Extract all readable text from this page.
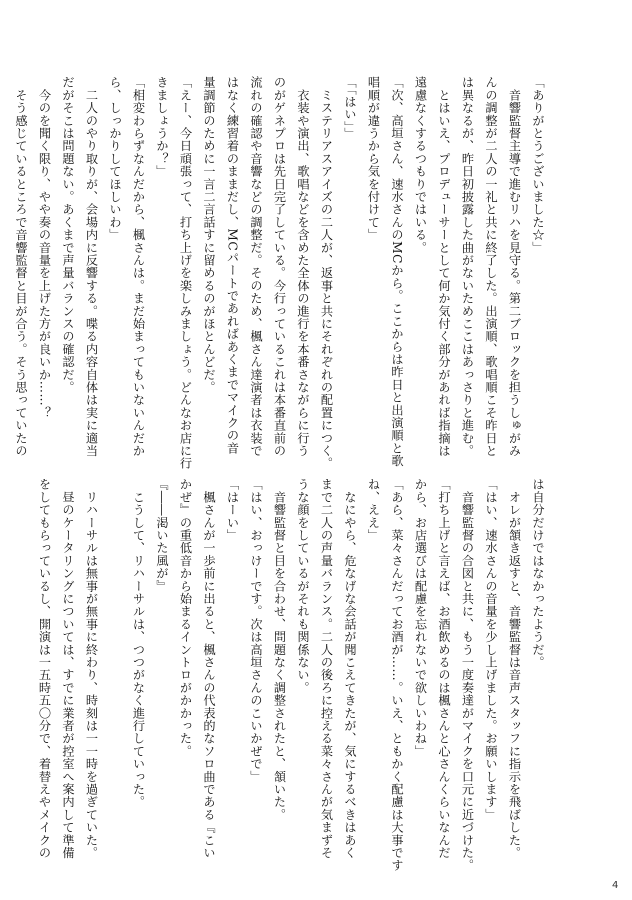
「ありがとうございました☆」

　音響監督主導で進むリハを見守る。第二ブロックを担うしゅがみ

んの調整が二人の一礼と共に終了した。出演順、歌唱順こそ昨日と

は異なるが、昨日初披露した曲がないためここはあっさりと進む。

　とはいえ、プロデューサーとして何か気付く部分があれば指摘は

遠慮なくするつもりではいる。

「次、高垣さん、速水さんのMCから。ここからは昨日と出演順と歌

唱順が違うから気を付けて」

「「はい」」

　ミステリアスアイズの二人が、返事と共にそれぞれの配置につく。

　衣装や演出、歌唱などを含めた全体の進行を本番さながらに行う

のがゲネプロは先日完了している。今行っているこれは本番直前の

流れの確認や音響などの調整だ。そのため、楓さん達演者は衣装で

はなく練習着のままだし、MCパートであればあくまでマイクの音

量調節のために一言二言話すに留めるのがほとんどだ。

「えー、今日頑張って、打ち上げを楽しみましょう。どんなお店に行

きましょうか？」

「相変わらずなんだから、楓さんは。まだ始まってもいないんだか

ら、しっかりしてほしいわ」

　二人のやり取りが、会場内に反響する。喋る内容自体は実に適当

だがそこは問題ない。あくまで声量バランスの確認だ。

　今のを聞く限り、やや奏の音量を上げた方が良いか……？

　そう感じているところで音響監督と目が合う。そう思っていたの

は自分だけではなかったようだ。

　オレが頷き返すと、音響監督は音声スタッフに指示を飛ばした。

「はい、速水さんの音量を少し上げました。お願いします」

　音響監督の合図と共に、もう一度奏達がマイクを口元に近づけた。

「打ち上げと言えば、お酒飲めるのは楓さんと心さんくらいなんだ

から、お店選びは配慮を忘れないで欲しいわね」

「あら、菜々さんだってお酒が……。いえ、ともかく配慮は大事です

ね、ええ」

　なにやら、危なげな会話が聞こえてきたが、気にするべきはあく

まで二人の声量バランス。二人の後ろに控える菜々さんが気まずそ

うな顔をしているがそれも関係ない。

　音響監督と目を合わせ、問題なく調整されたと、頷いた。

「はい、おっけーです。次は高垣さんのこいかぜで」

「はーい」

　楓さんが一歩前に出ると、楓さんの代表的なソロ曲である『こい

かぜ』の重低音から始まるイントロがかかった。

『――渇いた風が』

　こうして、リハーサルは、つつがなく進行していった。

　リハーサルは無事が無事に終わり、時刻は一一時を過ぎていた。

　昼のケータリングについては、すでに業者が控室へ案内して準備

をしてもらっているし、開演は一五時五〇分で、着替えやメイクの

4
